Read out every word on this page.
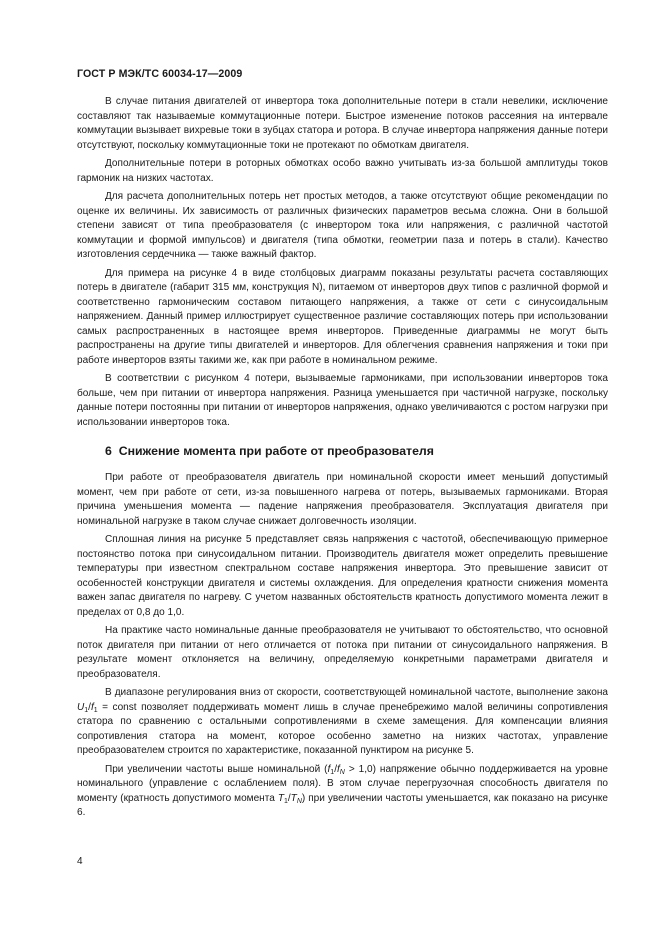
ГОСТ Р МЭК/ТС 60034-17—2009

В случае питания двигателей от инвертора тока дополнительные потери в стали невелики, исключение составляют так называемые коммутационные потери. Быстрое изменение потоков рассеяния на интервале коммутации вызывает вихревые токи в зубцах статора и ротора. В случае инвертора напряжения данные потери отсутствуют, поскольку коммутационные токи не протекают по обмоткам двигателя.

Дополнительные потери в роторных обмотках особо важно учитывать из-за большой амплитуды токов гармоник на низких частотах.

Для расчета дополнительных потерь нет простых методов, а также отсутствуют общие рекомендации по оценке их величины. Их зависимость от различных физических параметров весьма сложна. Они в большой степени зависят от типа преобразователя (с инвертором тока или напряжения, с различной частотой коммутации и формой импульсов) и двигателя (типа обмотки, геометрии паза и потерь в стали). Качество изготовления сердечника — также важный фактор.

Для примера на рисунке 4 в виде столбцовых диаграмм показаны результаты расчета составляющих потерь в двигателе (габарит 315 мм, конструкция N), питаемом от инверторов двух типов с различной формой и соответственно гармоническим составом питающего напряжения, а также от сети с синусоидальным напряжением. Данный пример иллюстрирует существенное различие составляющих потерь при использовании самых распространенных в настоящее время инверторов. Приведенные диаграммы не могут быть распространены на другие типы двигателей и инверторов. Для облегчения сравнения напряжения и токи при работе инверторов взяты такими же, как при работе в номинальном режиме.

В соответствии с рисунком 4 потери, вызываемые гармониками, при использовании инверторов тока больше, чем при питании от инвертора напряжения. Разница уменьшается при частичной нагрузке, поскольку данные потери постоянны при питании от инверторов напряжения, однако увеличиваются с ростом нагрузки при использовании инверторов тока.

6 Снижение момента при работе от преобразователя

При работе от преобразователя двигатель при номинальной скорости имеет меньший допустимый момент, чем при работе от сети, из-за повышенного нагрева от потерь, вызываемых гармониками. Вторая причина уменьшения момента — падение напряжения преобразователя. Эксплуатация двигателя при номинальной нагрузке в таком случае снижает долговечность изоляции.

Сплошная линия на рисунке 5 представляет связь напряжения с частотой, обеспечивающую примерное постоянство потока при синусоидальном питании. Производитель двигателя может определить превышение температуры при известном спектральном составе напряжения инвертора. Это превышение зависит от особенностей конструкции двигателя и системы охлаждения. Для определения кратности снижения момента важен запас двигателя по нагреву. С учетом названных обстоятельств кратность допустимого момента лежит в пределах от 0,8 до 1,0.

На практике часто номинальные данные преобразователя не учитывают то обстоятельство, что основной поток двигателя при питании от него отличается от потока при питании от синусоидального напряжения. В результате момент отклоняется на величину, определяемую конкретными параметрами двигателя и преобразователя.

В диапазоне регулирования вниз от скорости, соответствующей номинальной частоте, выполнение закона $U_1/f_1$ = const позволяет поддерживать момент лишь в случае пренебрежимо малой величины сопротивления статора по сравнению с остальными сопротивлениями в схеме замещения. Для компенсации влияния сопротивления статора на момент, которое особенно заметно на низких частотах, управление преобразователем строится по характеристике, показанной пунктиром на рисунке 5.

При увеличении частоты выше номинальной $(f_1/f_N > 1,0)$ напряжение обычно поддерживается на уровне номинального (управление с ослаблением поля). В этом случае перегрузочная способность двигателя по моменту (кратность допустимого момента $T_1/T_N$) при увеличении частоты уменьшается, как показано на рисунке 6.

4
